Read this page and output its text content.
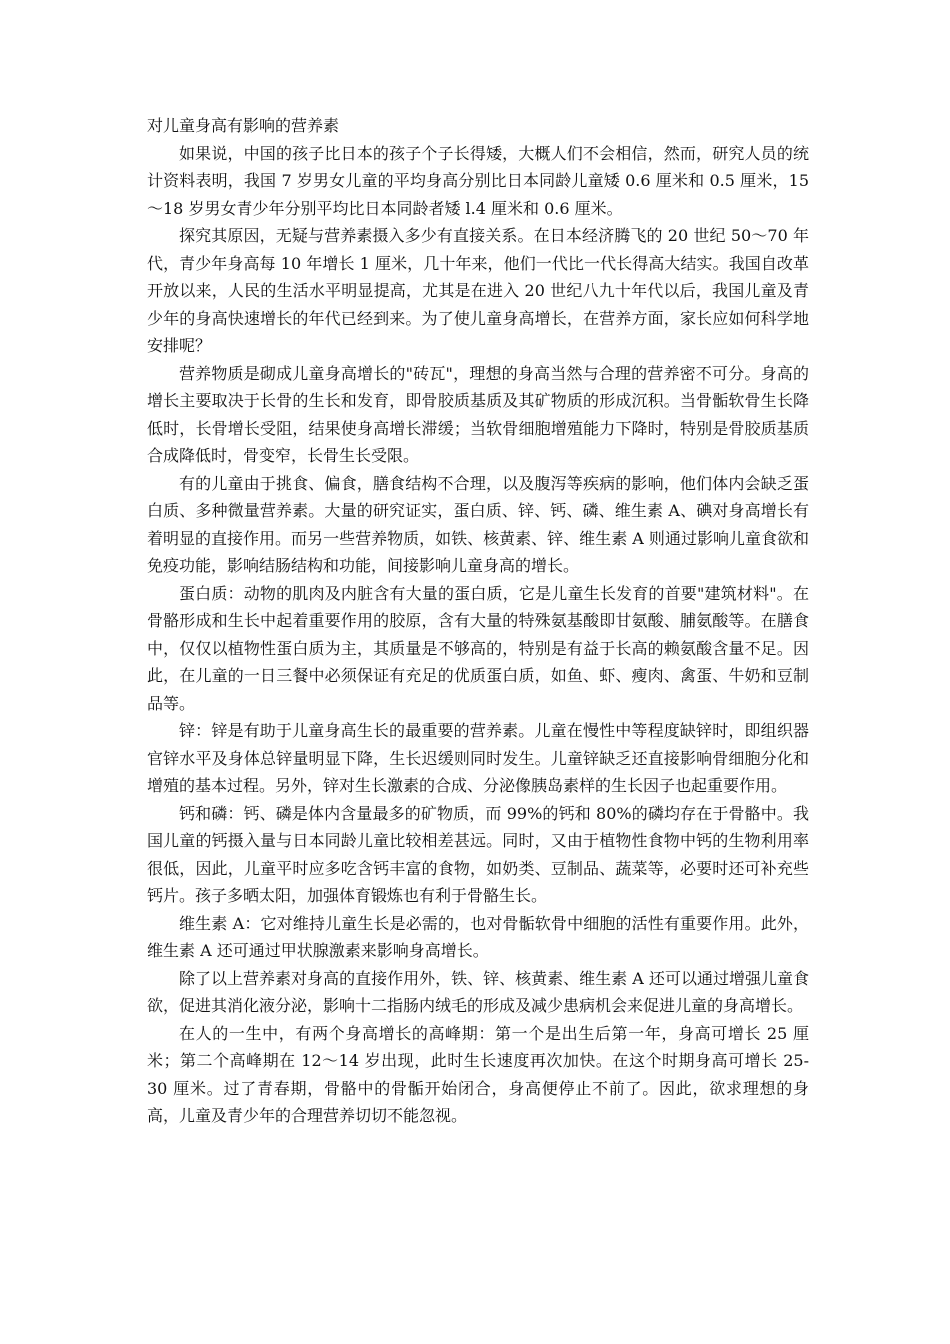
对儿童身高有影响的营养素

如果说，中国的孩子比日本的孩子个子长得矮，大概人们不会相信，然而，研究人员的统计资料表明，我国 7 岁男女儿童的平均身高分别比日本同龄儿童矮 0.6 厘米和 0.5 厘米，15～18 岁男女青少年分别平均比日本同龄者矮 l.4 厘米和 0.6 厘米。

探究其原因，无疑与营养素摄入多少有直接关系。在日本经济腾飞的 20 世纪 50～70 年代，青少年身高每 10 年增长 1 厘米，几十年来，他们一代比一代长得高大结实。我国自改革开放以来，人民的生活水平明显提高，尤其是在进入 20 世纪八九十年代以后，我国儿童及青少年的身高快速增长的年代已经到来。为了使儿童身高增长，在营养方面，家长应如何科学地安排呢？

营养物质是砌成儿童身高增长的"砖瓦"，理想的身高当然与合理的营养密不可分。身高的增长主要取决于长骨的生长和发育，即骨胶质基质及其矿物质的形成沉积。当骨骺软骨生长降低时，长骨增长受阻，结果使身高增长滞缓；当软骨细胞增殖能力下降时，特别是骨胶质基质合成降低时，骨变窄，长骨生长受限。

有的儿童由于挑食、偏食，膳食结构不合理，以及腹泻等疾病的影响，他们体内会缺乏蛋白质、多种微量营养素。大量的研究证实，蛋白质、锌、钙、磷、维生素 A、碘对身高增长有着明显的直接作用。而另一些营养物质，如铁、核黄素、锌、维生素 A 则通过影响儿童食欲和免疫功能，影响结肠结构和功能，间接影响儿童身高的增长。

蛋白质：动物的肌肉及内脏含有大量的蛋白质，它是儿童生长发育的首要"建筑材料"。在骨骼形成和生长中起着重要作用的胶原，含有大量的特殊氨基酸即甘氨酸、脯氨酸等。在膳食中，仅仅以植物性蛋白质为主，其质量是不够高的，特别是有益于长高的赖氨酸含量不足。因此，在儿童的一日三餐中必须保证有充足的优质蛋白质，如鱼、虾、瘦肉、禽蛋、牛奶和豆制品等。

锌：锌是有助于儿童身高生长的最重要的营养素。儿童在慢性中等程度缺锌时，即组织器官锌水平及身体总锌量明显下降，生长迟缓则同时发生。儿童锌缺乏还直接影响骨细胞分化和增殖的基本过程。另外，锌对生长激素的合成、分泌像胰岛素样的生长因子也起重要作用。

钙和磷：钙、磷是体内含量最多的矿物质，而 99%的钙和 80%的磷均存在于骨骼中。我国儿童的钙摄入量与日本同龄儿童比较相差甚远。同时，又由于植物性食物中钙的生物利用率很低，因此，儿童平时应多吃含钙丰富的食物，如奶类、豆制品、蔬菜等，必要时还可补充些钙片。孩子多晒太阳，加强体育锻炼也有利于骨骼生长。

维生素 A：它对维持儿童生长是必需的，也对骨骺软骨中细胞的活性有重要作用。此外，维生素 A 还可通过甲状腺激素来影响身高增长。

除了以上营养素对身高的直接作用外，铁、锌、核黄素、维生素 A 还可以通过增强儿童食欲，促进其消化液分泌，影响十二指肠内绒毛的形成及减少患病机会来促进儿童的身高增长。

在人的一生中，有两个身高增长的高峰期：第一个是出生后第一年，身高可增长 25 厘米；第二个高峰期在 12～14 岁出现，此时生长速度再次加快。在这个时期身高可增长 25-30 厘米。过了青春期，骨骼中的骨骺开始闭合，身高便停止不前了。因此，欲求理想的身高，儿童及青少年的合理营养切切不能忽视。
